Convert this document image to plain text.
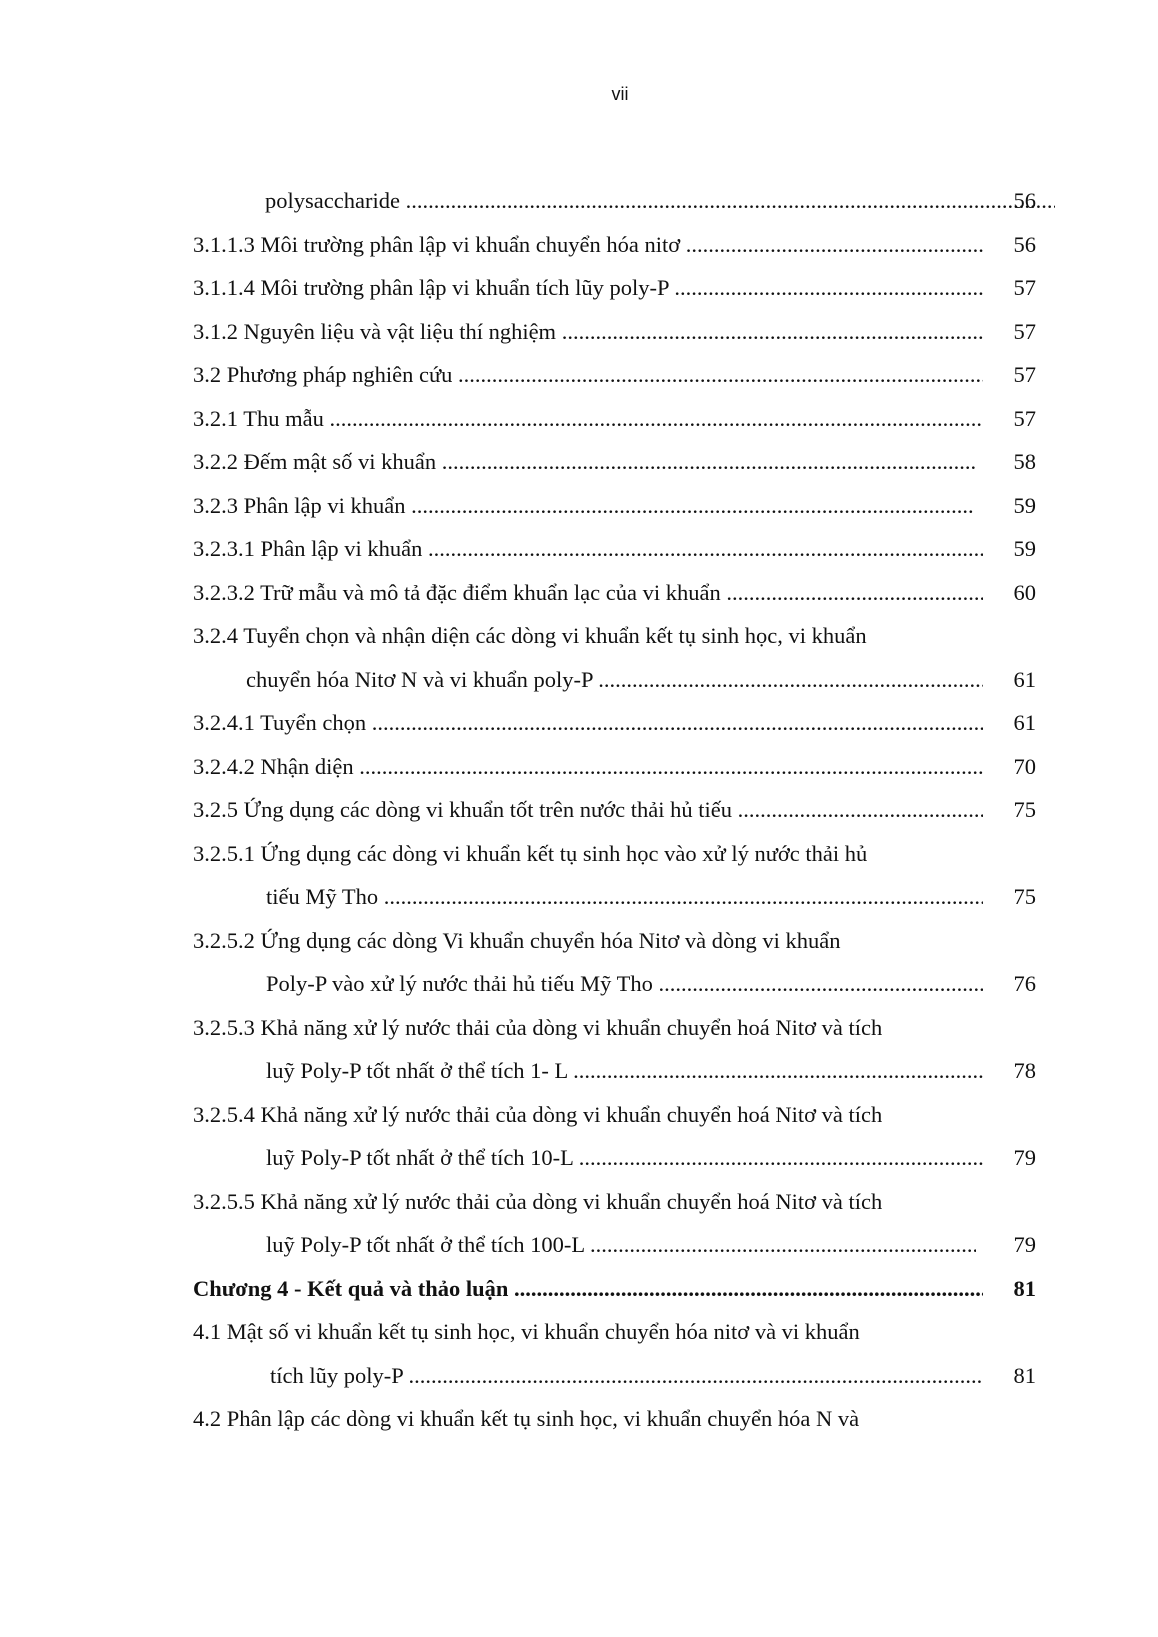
vii
polysaccharide .....	56
3.1.1.3 Môi trường phân lập vi khuẩn chuyển hóa nitơ .....	56
3.1.1.4 Môi trường phân lập vi khuẩn tích lũy poly-P .....	57
3.1.2 Nguyên liệu và vật liệu thí nghiệm .....	57
3.2 Phương pháp nghiên cứu .....	57
3.2.1 Thu mẫu .....	57
3.2.2 Đếm mật số vi khuẩn .....	58
3.2.3 Phân lập vi khuẩn .....	59
3.2.3.1 Phân lập vi khuẩn .....	59
3.2.3.2 Trữ mẫu và mô tả đặc điểm khuẩn lạc của vi khuẩn .....	60
3.2.4 Tuyển chọn và nhận diện các dòng vi khuẩn kết tụ sinh học, vi khuẩn
chuyển hóa Nitơ N và vi khuẩn poly-P .....	61
3.2.4.1 Tuyển chọn .....	61
3.2.4.2 Nhận diện .....	70
3.2.5 Ứng dụng các dòng vi khuẩn tốt trên nước thải hủ tiếu .....	75
3.2.5.1 Ứng dụng các dòng vi khuẩn kết tụ sinh học vào xử lý nước thải hủ
tiếu Mỹ Tho .....	75
3.2.5.2 Ứng dụng các dòng Vi khuẩn chuyển hóa Nitơ và dòng vi khuẩn
Poly-P vào xử lý nước thải hủ tiếu Mỹ Tho .....	76
3.2.5.3 Khả năng xử lý nước thải của dòng vi khuẩn chuyển hoá Nitơ và tích
luỹ Poly-P tốt nhất ở thể tích 1- L .....	78
3.2.5.4 Khả năng xử lý nước thải của dòng vi khuẩn chuyển hoá Nitơ và tích
luỹ Poly-P tốt nhất ở thể tích 10-L .....	79
3.2.5.5 Khả năng xử lý nước thải của dòng vi khuẩn chuyển hoá Nitơ và tích
luỹ Poly-P tốt nhất ở thể tích 100-L .....	79
Chương 4 - Kết quả và thảo luận .....	81
4.1 Mật số vi khuẩn kết tụ sinh học, vi khuẩn chuyển hóa nitơ và vi khuẩn
tích lũy poly-P .....	81
4.2 Phân lập các dòng vi khuẩn kết tụ sinh học, vi khuẩn chuyển hóa N và
